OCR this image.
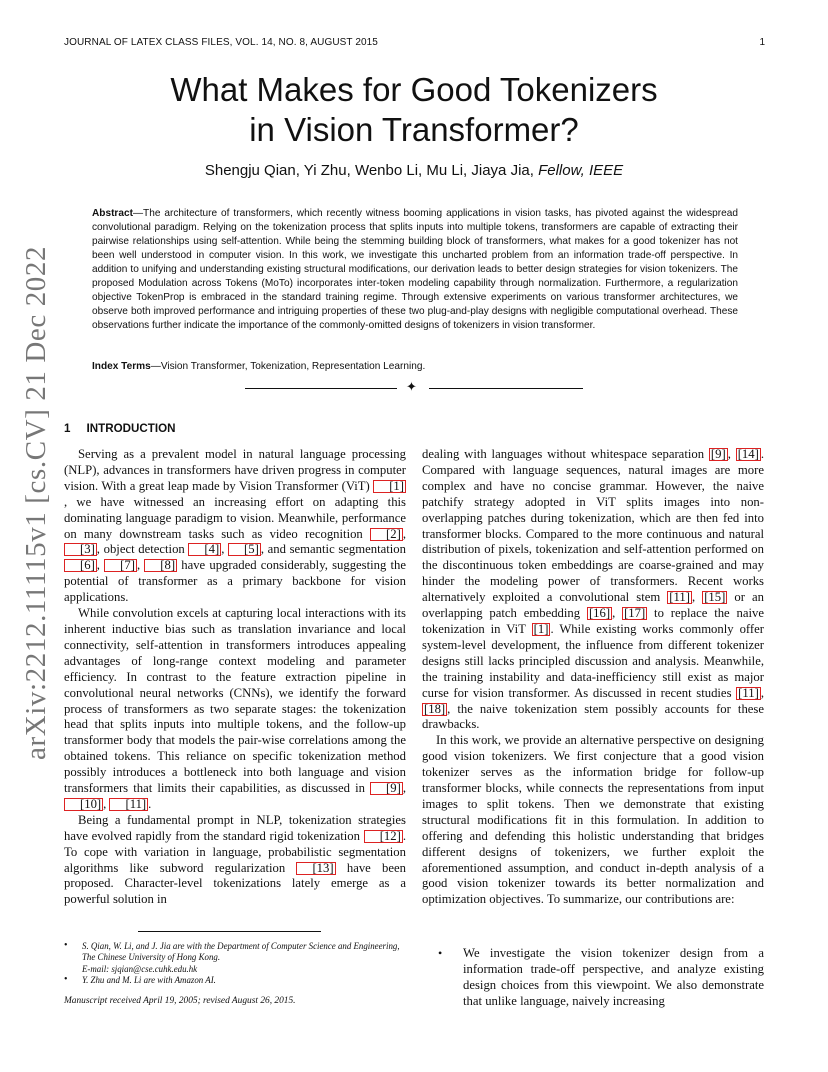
JOURNAL OF LATEX CLASS FILES, VOL. 14, NO. 8, AUGUST 2015	1
What Makes for Good Tokenizers
in Vision Transformer?
Shengju Qian, Yi Zhu, Wenbo Li, Mu Li, Jiaya Jia, Fellow, IEEE
Abstract—The architecture of transformers, which recently witness booming applications in vision tasks, has pivoted against the widespread convolutional paradigm. Relying on the tokenization process that splits inputs into multiple tokens, transformers are capable of extracting their pairwise relationships using self-attention. While being the stemming building block of transformers, what makes for a good tokenizer has not been well understood in computer vision. In this work, we investigate this uncharted problem from an information trade-off perspective. In addition to unifying and understanding existing structural modifications, our derivation leads to better design strategies for vision tokenizers. The proposed Modulation across Tokens (MoTo) incorporates inter-token modeling capability through normalization. Furthermore, a regularization objective TokenProp is embraced in the standard training regime. Through extensive experiments on various transformer architectures, we observe both improved performance and intriguing properties of these two plug-and-play designs with negligible computational overhead. These observations further indicate the importance of the commonly-omitted designs of tokenizers in vision transformer.
Index Terms—Vision Transformer, Tokenization, Representation Learning.
✦
arXiv:2212.11115v1 [cs.CV] 21 Dec 2022 1 INTRODUCTION

Serving as a prevalent model in natural language processing (NLP), advances in transformers have driven progress in computer vision. With a great leap made by Vision Transformer (ViT) [1], we have witnessed an increasing effort on adapting this dominating language paradigm to vision. Meanwhile, performance on many downstream tasks such as video recognition [2] , [3] , object detection [4] , [5] , and semantic segmentation [6] , [7] , [8] have upgraded considerably, suggesting the potential of transformer as a primary backbone for vision applications.

While convolution excels at capturing local interactions with its inherent inductive bias such as translation invariance and local connectivity, self-attention in transformers introduces appealing advantages of long-range context modeling and parameter efficiency. In contrast to the feature extraction pipeline in convolutional neural networks (CNNs), we identify the forward process of transformers as two separate stages: the tokenization head that splits inputs into multiple tokens, and the follow-up transformer body that models the pair-wise correlations among the obtained tokens. This reliance on specific tokenization method possibly introduces a bottleneck into both language and vision transformers that limits their capabilities, as discussed in [9] , [10] , [11] .

Being a fundamental prompt in NLP, tokenization strategies have evolved rapidly from the standard rigid tokenization [12] . To cope with variation in language, probabilistic segmentation algorithms like subword regularization [13] have been proposed. Character-level tokenizations lately emerge as a powerful solution in

• S. Qian, W. Li, and J. Jia are with the Department of Computer Science and Engineering, The Chinese University of Hong Kong.
E-mail: sjqian@cse.cuhk.edu.hk
• Y. Zhu and M. Li are with Amazon AI.
Manuscript received April 19, 2005; revised August 26, 2015.

dealing with languages without whitespace separation [9] , [14] . Compared with language sequences, natural images are more complex and have no concise grammar. However, the naive patchify strategy adopted in ViT splits images into non-overlapping patches during tokenization, which are then fed into transformer blocks. Compared to the more continuous and natural distribution of pixels, tokenization and self-attention performed on the discontinuous token embeddings are coarse-grained and may hinder the modeling power of transformers. Recent works alternatively exploited a convolutional stem [11] , [15] or an overlapping patch embedding [16] , [17] to replace the naive tokenization in ViT [1] . While existing works commonly offer system-level development, the influence from different tokenizer designs still lacks principled discussion and analysis. Meanwhile, the training instability and data-inefficiency still exist as major curse for vision transformer. As discussed in recent studies [11] , [18] , the naive tokenization stem possibly accounts for these drawbacks.

In this work, we provide an alternative perspective on designing good vision tokenizers. We first conjecture that a good vision tokenizer serves as the information bridge for follow-up transformer blocks, while connects the representations from input images to split tokens. Then we demonstrate that existing structural modifications fit in this formulation. In addition to offering and defending this holistic understanding that bridges different designs of tokenizers, we further exploit the aforementioned assumption, and conduct in-depth analysis of a good vision tokenizer towards its better normalization and optimization objectives. To summarize, our contributions are:

• We investigate the vision tokenizer design from a information trade-off perspective, and analyze existing design choices from this viewpoint. We also demonstrate that unlike language, naively increasing
